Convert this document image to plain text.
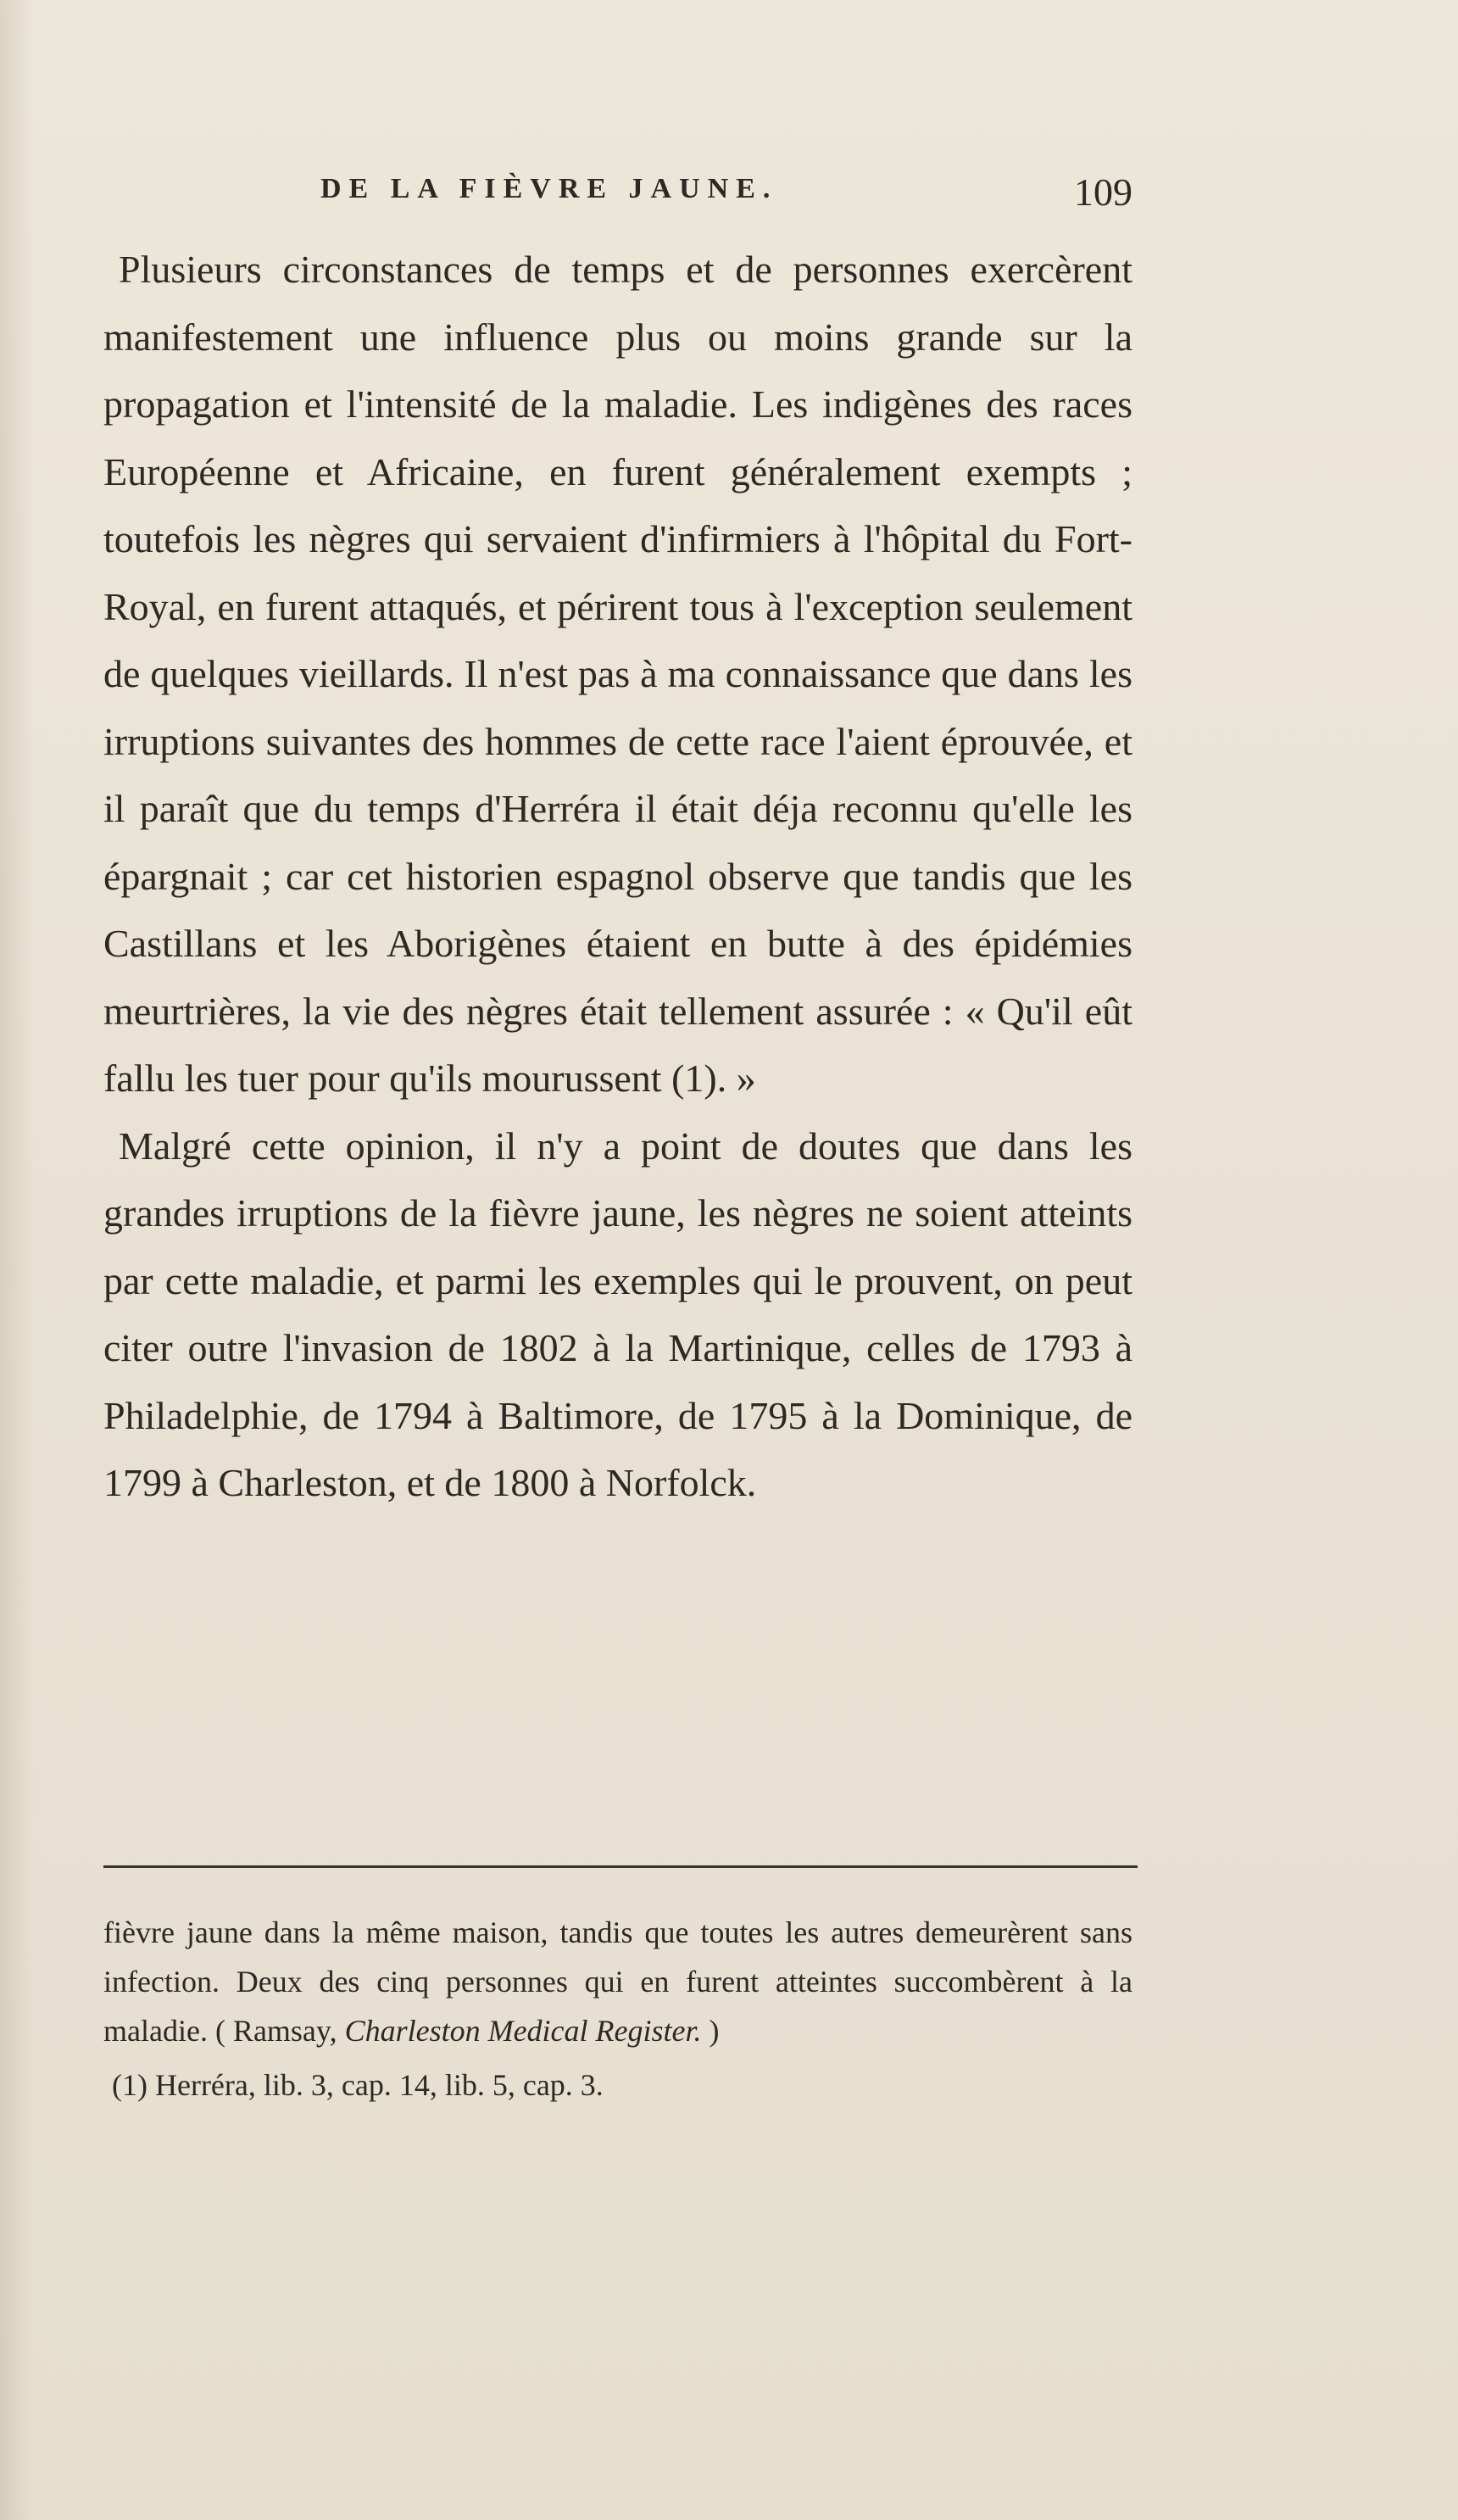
DE LA FIÈVRE JAUNE.	109

Plusieurs circonstances de temps et de personnes exercèrent manifestement une influence plus ou moins grande sur la propagation et l'intensité de la maladie. Les indigènes des races Européenne et Africaine, en furent généralement exempts ; toutefois les nègres qui servaient d'infirmiers à l'hôpital du Fort-Royal, en furent attaqués, et périrent tous à l'exception seulement de quelques vieillards. Il n'est pas à ma connaissance que dans les irruptions suivantes des hommes de cette race l'aient éprouvée, et il paraît que du temps d'Herréra il était déja reconnu qu'elle les épargnait ; car cet historien espagnol observe que tandis que les Castillans et les Aborigènes étaient en butte à des épidémies meurtrières, la vie des nègres était tellement assurée : « Qu'il eût fallu les tuer pour qu'ils mourussent (1). »

Malgré cette opinion, il n'y a point de doutes que dans les grandes irruptions de la fièvre jaune, les nègres ne soient atteints par cette maladie, et parmi les exemples qui le prouvent, on peut citer outre l'invasion de 1802 à la Martinique, celles de 1793 à Philadelphie, de 1794 à Baltimore, de 1795 à la Dominique, de 1799 à Charleston, et de 1800 à Norfolck.

fièvre jaune dans la même maison, tandis que toutes les autres demeurèrent sans infection. Deux des cinq personnes qui en furent atteintes succombèrent à la maladie. ( Ramsay, Charleston Medical Register. )

(1) Herréra, lib. 3, cap. 14, lib. 5, cap. 3.
